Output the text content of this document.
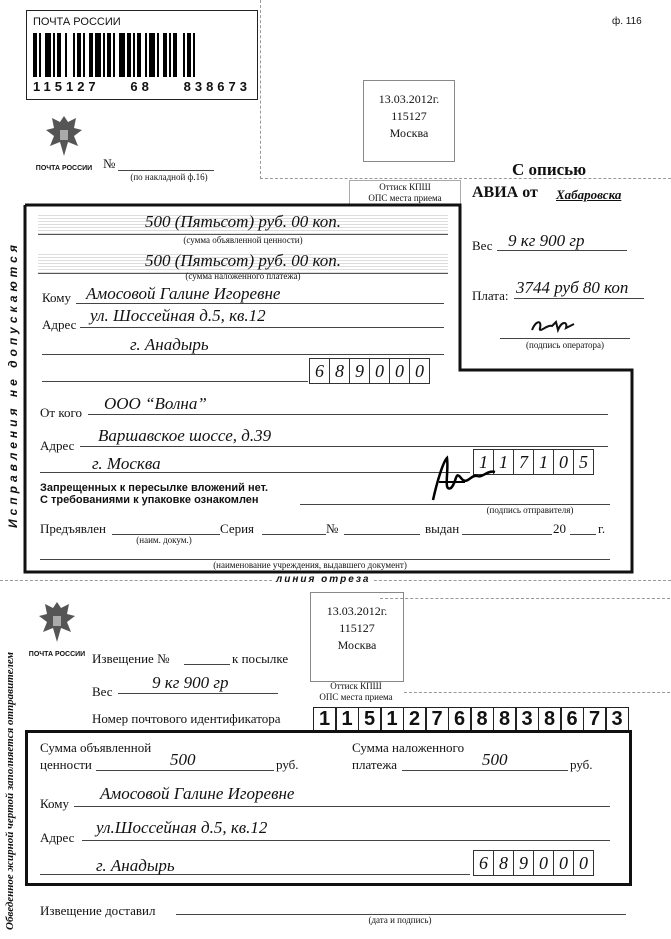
ПОЧТА РОССИИ
115127 68 838673
ф. 116
13.03.2012г.
115127
Москва
ПОЧТА РОССИИ №
(по накладной ф.16)
Оттиск КПШ
ОПС места приема
С описью
АВИА от Хабаровска
Исправления не допускаются
500 (Пятьсот) руб. 00 коп.
(сумма объявленной ценности)
500 (Пятьсот) руб. 00 коп.
(сумма наложенного платежа)
Кому Амосовой Галине Игоревне
Адрес ул. Шоссейная д.5, кв.12
г. Анадырь
6 8 9 0 0 0
Вес 9 кг 900 гр
Плата: 3744 руб 80 коп
(подпись оператора)
От кого ООО “Волна”
Адрес
Варшавское шоссе, д.39
г. Москва	1 1 7 1 0 5
Запрещенных к пересылке вложений нет.
С требованиями к упаковке ознакомлен
(подпись отправителя)
Предъявлен
(наим. докум.)
Серия	№	выдан	20 г.
(наименование учреждения, выдавшего документ)
линия отреза
Обведенное жирной чертой заполняется отправителем	ПОЧТА РОССИИ
13.03.2012г.
115127
Москва
Оттиск КПШ
ОПС места приема
Извещение №	к посылке
Вес 9 кг 900 гр
Номер почтового идентификатора	1 1 5 1 2 7 6 8 8 3 8 6 7 3
Сумма объявленной
ценности	500	руб.
Сумма наложенного
платежа	500	руб.
Кому
Амосовой Галине Игоревне
Адрес
ул.Шоссейная д.5, кв.12
г. Анадырь	6 8 9 0 0 0
Извещение доставил
(дата и подпись)
